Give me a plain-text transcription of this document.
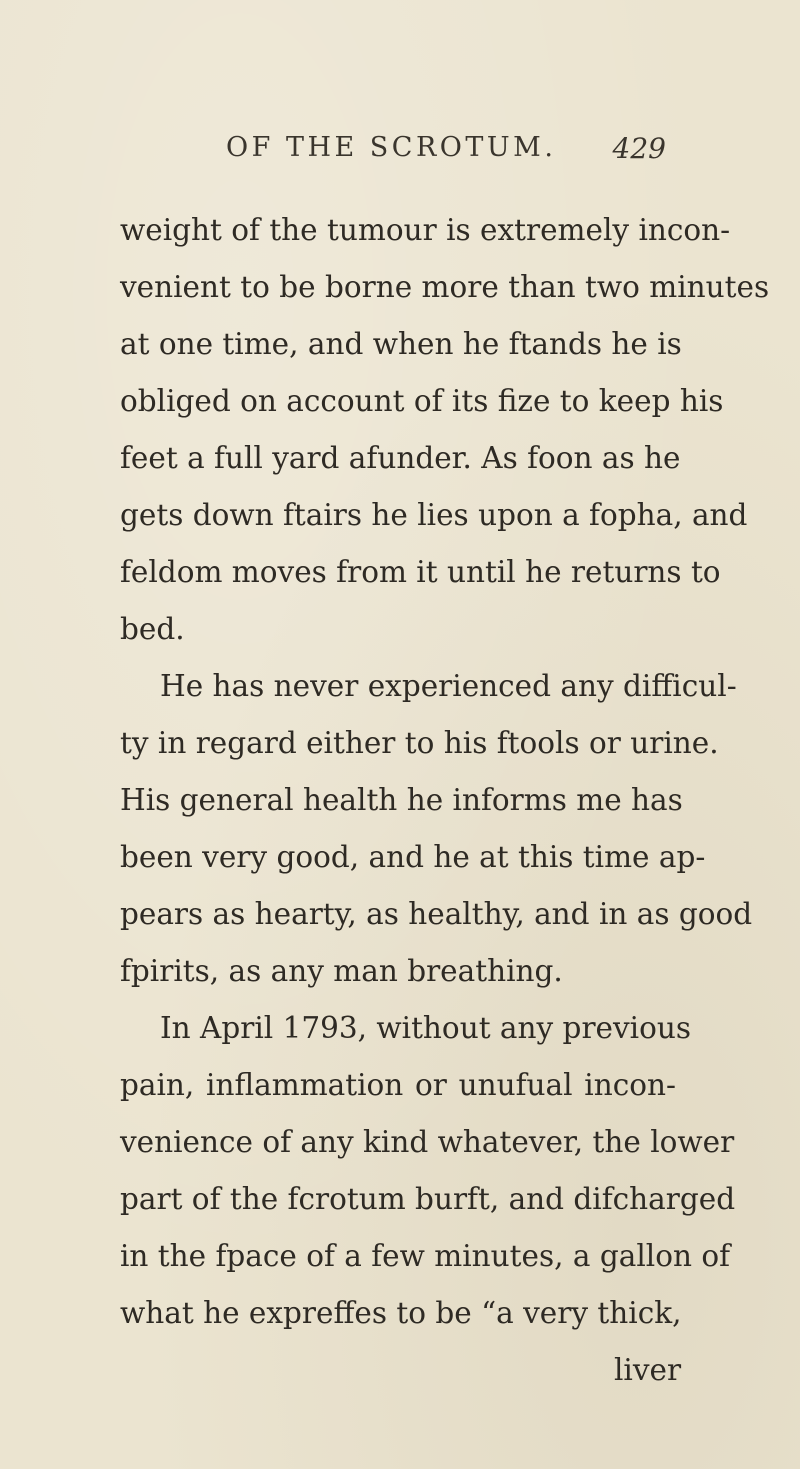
OF THE SCROTUM. 429
weight of the tumour is extremely incon-
venient to be borne more than two minutes
at one time, and when he ftands he is
obliged on account of its fize to keep his
feet a full yard afunder. As foon as he
gets down ftairs he lies upon a fopha, and
feldom moves from it until he returns to
bed.
He has never experienced any difficul-
ty in regard either to his ftools or urine.
His general health he informs me has
been very good, and he at this time ap-
pears as hearty, as healthy, and in as good
fpirits, as any man breathing.
In April 1793, without any previous
pain, inflammation or unufual incon-
venience of any kind whatever, the lower
part of the fcrotum burft, and difcharged
in the fpace of a few minutes, a gallon of
what he expreffes to be “a very thick,
liver
